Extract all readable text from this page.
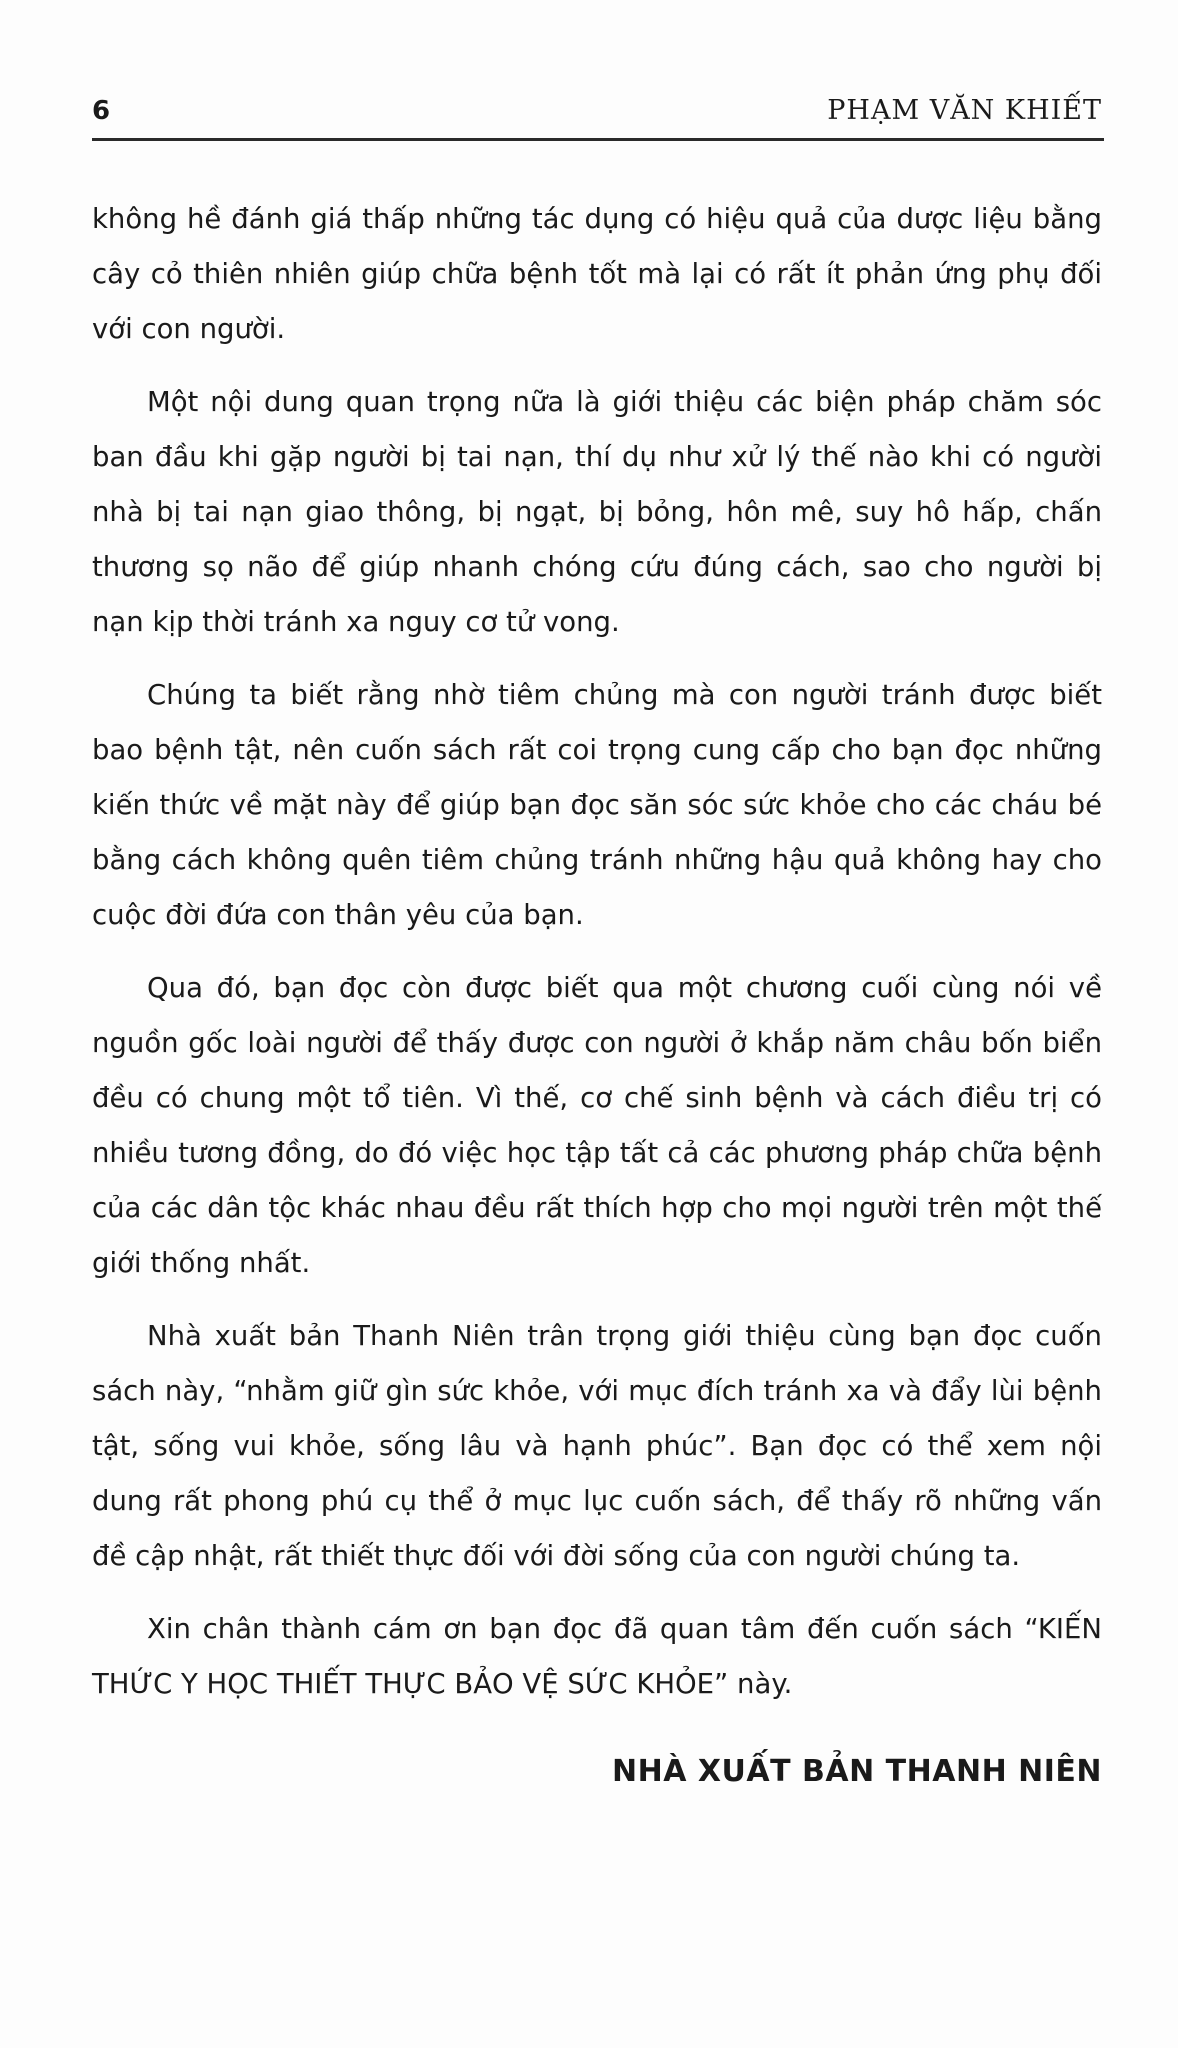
6	PHẠM VĂN KHIẾT

không hề đánh giá thấp những tác dụng có hiệu quả của dược liệu bằng cây cỏ thiên nhiên giúp chữa bệnh tốt mà lại có rất ít phản ứng phụ đối với con người.

Một nội dung quan trọng nữa là giới thiệu các biện pháp chăm sóc ban đầu khi gặp người bị tai nạn, thí dụ như xử lý thế nào khi có người nhà bị tai nạn giao thông, bị ngạt, bị bỏng, hôn mê, suy hô hấp, chấn thương sọ não để giúp nhanh chóng cứu đúng cách, sao cho người bị nạn kịp thời tránh xa nguy cơ tử vong.

Chúng ta biết rằng nhờ tiêm chủng mà con người tránh được biết bao bệnh tật, nên cuốn sách rất coi trọng cung cấp cho bạn đọc những kiến thức về mặt này để giúp bạn đọc săn sóc sức khỏe cho các cháu bé bằng cách không quên tiêm chủng tránh những hậu quả không hay cho cuộc đời đứa con thân yêu của bạn.

Qua đó, bạn đọc còn được biết qua một chương cuối cùng nói về nguồn gốc loài người để thấy được con người ở khắp năm châu bốn biển đều có chung một tổ tiên. Vì thế, cơ chế sinh bệnh và cách điều trị có nhiều tương đồng, do đó việc học tập tất cả các phương pháp chữa bệnh của các dân tộc khác nhau đều rất thích hợp cho mọi người trên một thế giới thống nhất.

Nhà xuất bản Thanh Niên trân trọng giới thiệu cùng bạn đọc cuốn sách này, “nhằm giữ gìn sức khỏe, với mục đích tránh xa và đẩy lùi bệnh tật, sống vui khỏe, sống lâu và hạnh phúc”. Bạn đọc có thể xem nội dung rất phong phú cụ thể ở mục lục cuốn sách, để thấy rõ những vấn đề cập nhật, rất thiết thực đối với đời sống của con người chúng ta.

Xin chân thành cám ơn bạn đọc đã quan tâm đến cuốn sách “KIẾN THỨC Y HỌC THIẾT THỰC BẢO VỆ SỨC KHỎE” này.

NHÀ XUẤT BẢN THANH NIÊN
